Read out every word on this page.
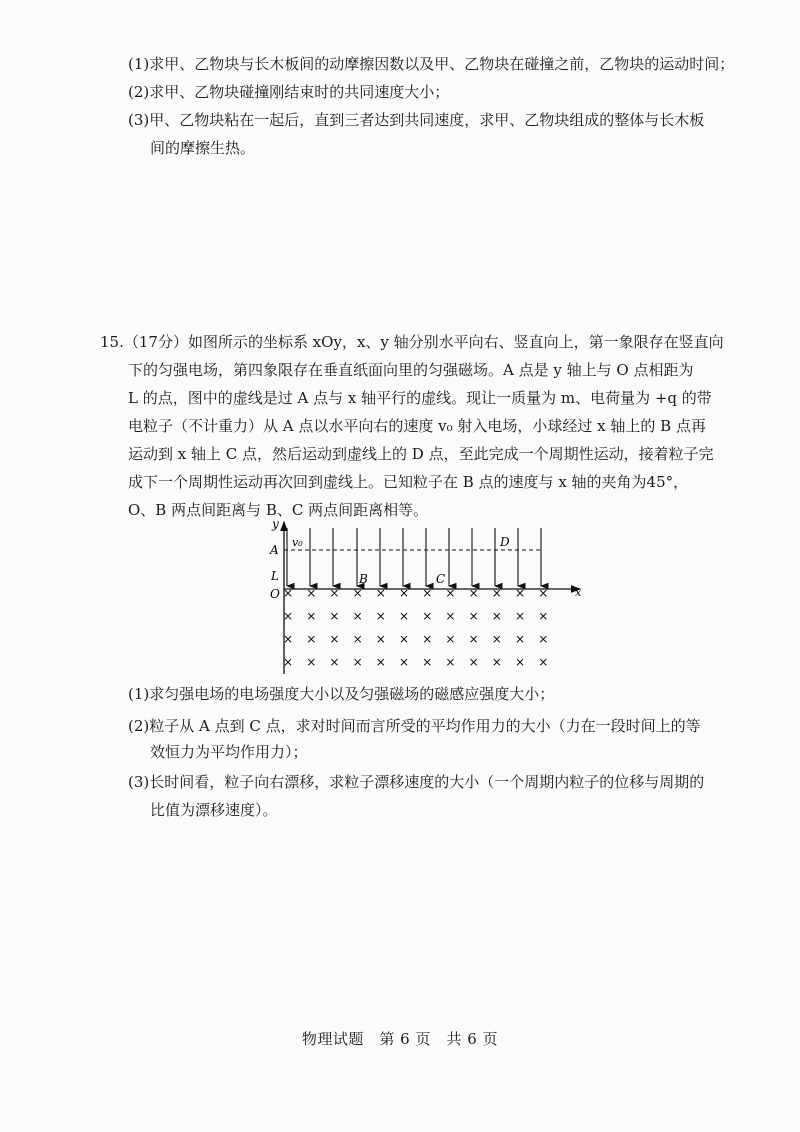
(1)求甲、乙物块与长木板间的动摩擦因数以及甲、乙物块在碰撞之前，乙物块的运动时间；
(2)求甲、乙物块碰撞刚结束时的共同速度大小；
(3)甲、乙物块粘在一起后，直到三者达到共同速度，求甲、乙物块组成的整体与长木板
间的摩擦生热。
15.（17分）如图所示的坐标系 xOy，x、y 轴分别水平向右、竖直向上，第一象限存在竖直向
下的匀强电场，第四象限存在垂直纸面向里的匀强磁场。A 点是 y 轴上与 O 点相距为
L 的点，图中的虚线是过 A 点与 x 轴平行的虚线。现让一质量为 m、电荷量为 +q 的带
电粒子（不计重力）从 A 点以水平向右的速度 v₀ 射入电场，小球经过 x 轴上的 B 点再
运动到 x 轴上 C 点，然后运动到虚线上的 D 点，至此完成一个周期性运动，接着粒子完
成下一个周期性运动再次回到虚线上。已知粒子在 B 点的速度与 x 轴的夹角为45°，
O、B 两点间距离与 B、C 两点间距离相等。
y
A
v₀	D
L	B	C
O	x
× × × × × × × × × × × ×
× × × × × × × × × × × ×
× × × × × × × × × × × ×
× × × × × × × × × × × ×
(1)求匀强电场的电场强度大小以及匀强磁场的磁感应强度大小；
(2)粒子从 A 点到 C 点，求对时间而言所受的平均作用力的大小（力在一段时间上的等
效恒力为平均作用力）；
(3)长时间看，粒子向右漂移，求粒子漂移速度的大小（一个周期内粒子的位移与周期的
比值为漂移速度）。
物理试题　第 6 页　共 6 页
